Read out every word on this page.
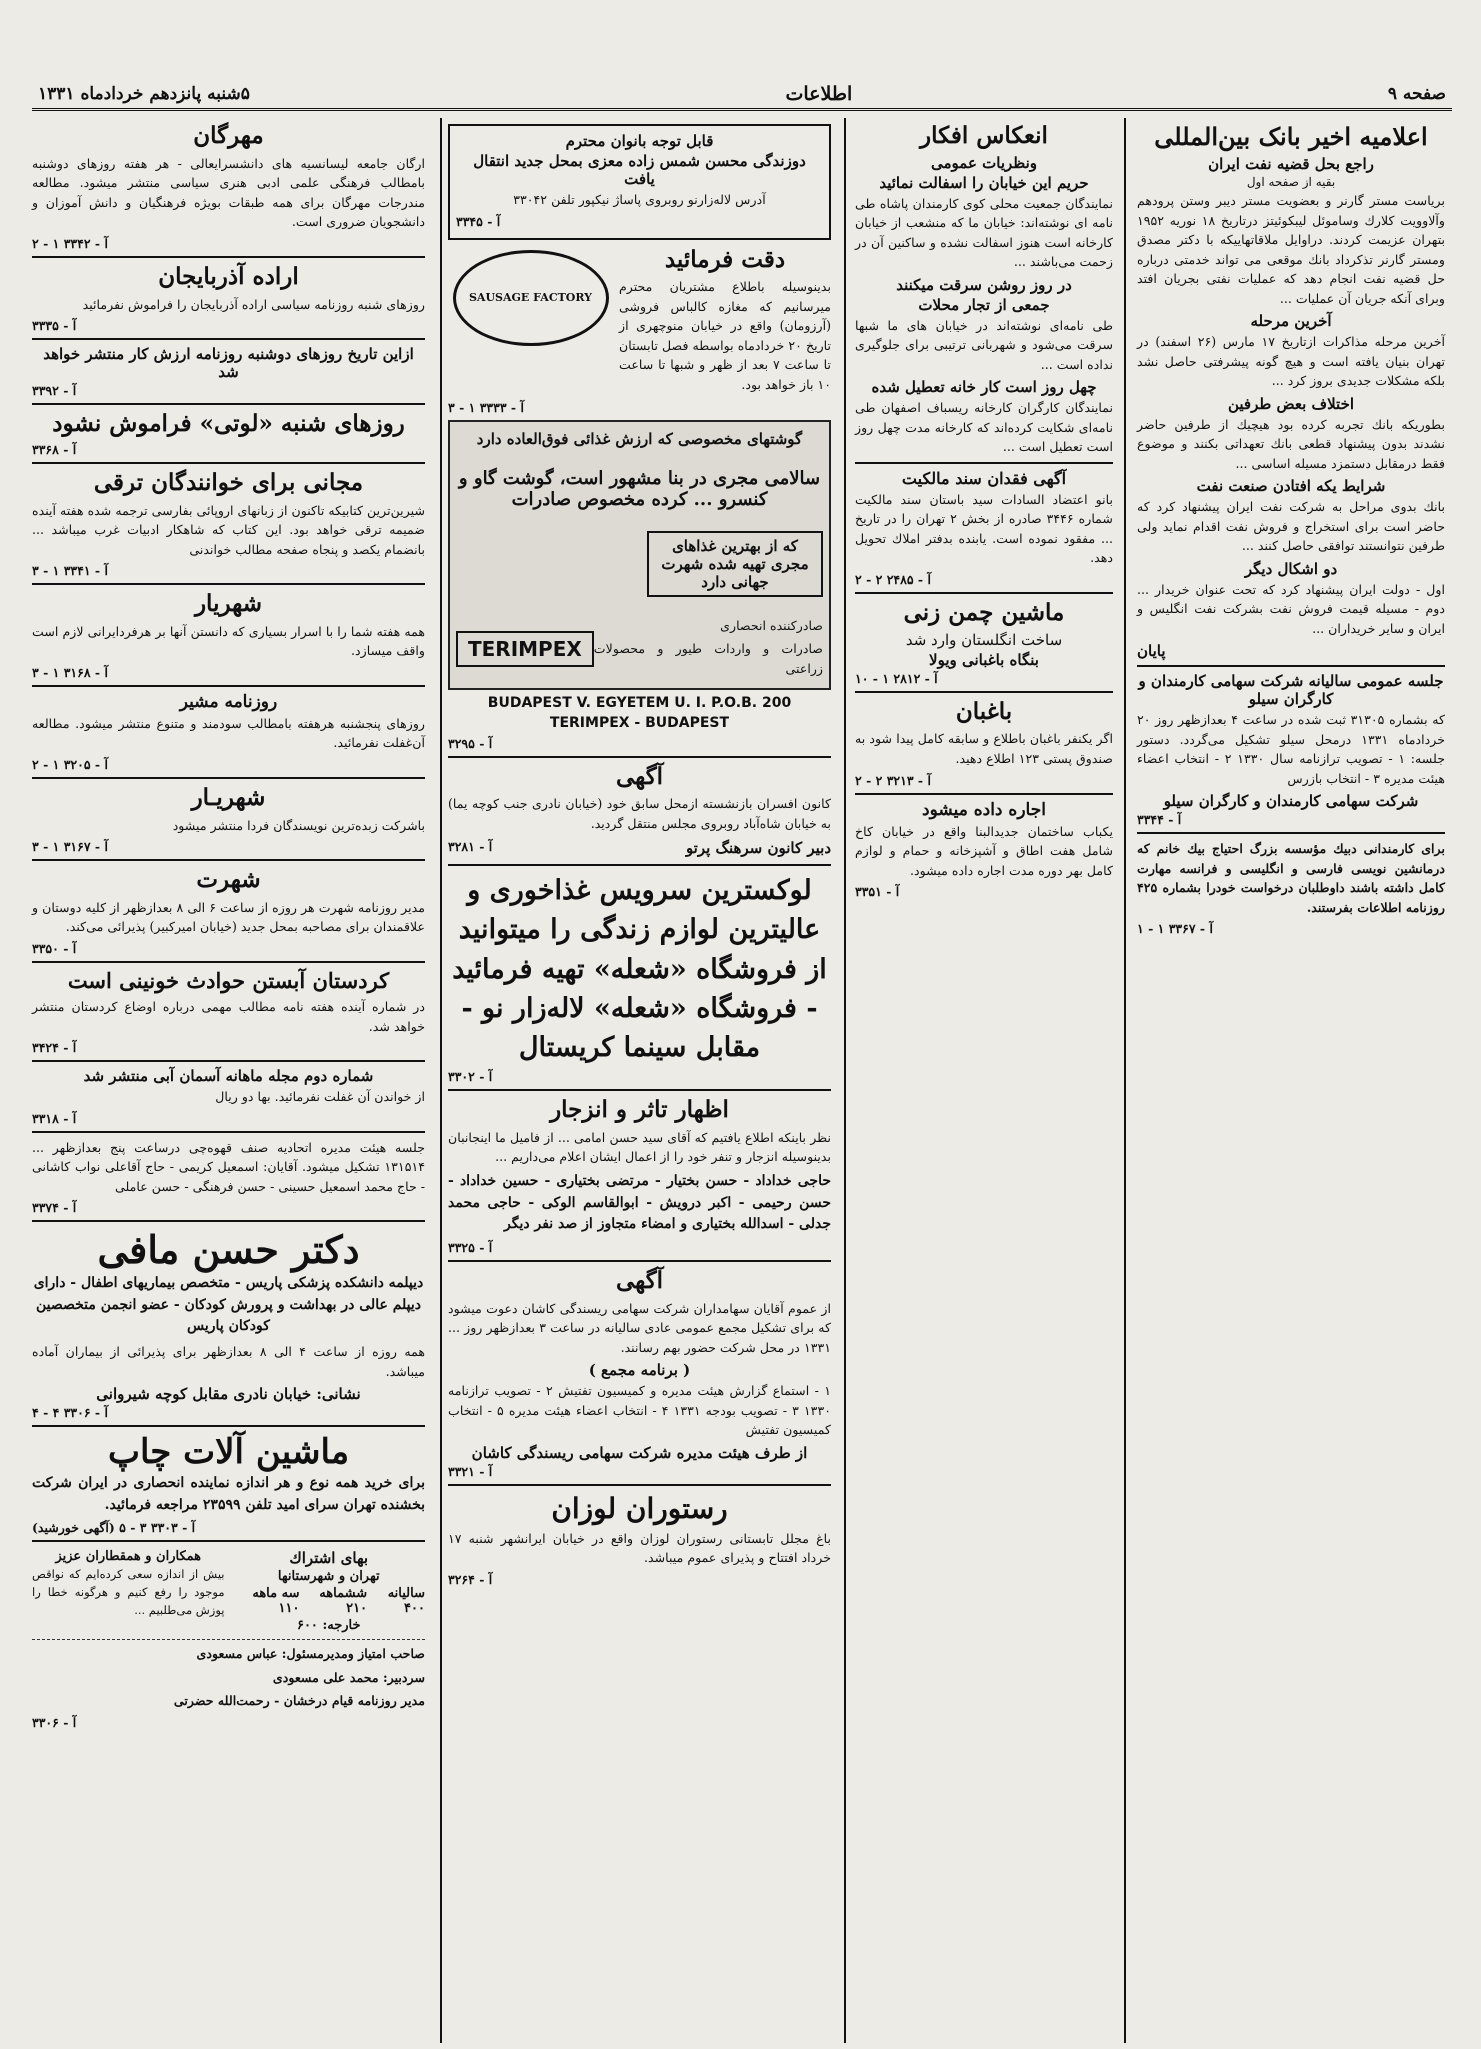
صفحه ۹
اطلاعات
۵شنبه پانزدهم خردادماه ۱۳۳۱
اعلامیه اخیر بانک بین‌المللی
راجع بحل قضیه نفت ایران
بقیه از صفحه اول

بریاست مستر گارنر و بعضویت مستر دیبر وستن پرودهم وآلاوویت کلارك وساموئل لیبکوئیتز درتاریخ ۱۸ نوریه ۱۹۵۲ بتهران عزیمت کردند. دراوایل ملاقاتهاییکه با دکتر مصدق ومستر گارنر تذکرداد بانك موقعی می تواند خدمتی درباره حل قضیه نفت انجام دهد که عملیات نفتی بجریان افتد وبرای آنکه جریان آن عملیات ...

آخرین مرحله

آخرین مرحله مذاکرات ازتاریخ ۱۷ مارس (۲۶ اسفند) در تهران بنیان یافته است و هیچ گونه پیشرفتی حاصل نشد بلکه مشکلات جدیدی بروز کرد ...

اختلاف بعض طرفین

بطوریکه بانك تجربه کرده بود هیچیك از طرفین حاضر نشدند بدون پیشنهاد قطعی بانك تعهداتی بکنند و موضوع فقط درمقابل دستمزد مسیله اساسی ...

شرایط یکه افتادن صنعت نفت

بانك بدوی مراحل به شرکت نفت ایران پیشنهاد کرد که حاضر است برای استخراج و فروش نفت اقدام نماید ولی طرفین نتوانستند توافقی حاصل کنند ...

دو اشکال دیگر

اول - دولت ایران پیشنهاد کرد که تحت عنوان خریدار ... دوم - مسیله قیمت فروش نفت بشرکت نفت انگلیس و ایران و سایر خریداران ...

پایان
جلسه عمومی سالیانه شرکت سهامی کارمندان و کارگران سیلو

که بشماره ۳۱۳۰۵ ثبت شده در ساعت ۴ بعدازظهر روز ۲۰ خردادماه ۱۳۳۱ درمحل سیلو تشکیل می‌گردد. دستور جلسه: ۱ - تصویب ترازنامه سال ۱۳۳۰ ۲ - انتخاب اعضاء هیئت مدیره ۳ - انتخاب بازرس

شرکت سهامی کارمندان و کارگران سیلو
آ - ۳۳۴۴

برای کارمندانی دبیك مؤسسه بزرگ احتیاج بیك خانم که درمانشین نویسی فارسی و انگلیسی و فرانسه مهارت کامل داشته باشند داوطلبان درخواست خودرا بشماره ۴۲۵ روزنامه اطلاعات بفرستند.

آ - ۳۳۶۷ ۱ - ۱
انعکاس افکار
ونظریات عمومی
حریم این خیابان را اسفالت نمائید

نمایندگان جمعیت محلی کوی کارمندان پاشاه طی نامه ای نوشته‌اند: خیابان ما که منشعب از خیابان کارخانه است هنوز اسفالت نشده و ساکنین آن در زحمت می‌باشند ...

در روز روشن سرقت میکنند
جمعی از تجار محلات

طی نامه‌ای نوشته‌اند در خیابان های ما شبها سرقت می‌شود و شهربانی ترتیبی برای جلوگیری نداده است ...

چهل روز است کار خانه تعطیل شده

نمایندگان کارگران کارخانه ریسباف اصفهان طی نامه‌ای شکایت کرده‌اند که کارخانه مدت چهل روز است تعطیل است ...

آگهی فقدان سند مالکیت

بانو اعتضاد السادات سید باستان سند مالکیت شماره ۳۴۴۶ صادره از بخش ۲ تهران را در تاریخ ... مفقود نموده است. یابنده بدفتر املاك تحویل دهد.

آ - ۲۴۸۵ ۲ - ۲
ماشین چمن زنی
ساخت انگلستان وارد شد
بنگاه باغبانی ویولا
آ - ۲۸۱۲ ۱ - ۱۰
باغبان

اگر یکنفر باغبان باطلاع و سابقه کامل پیدا شود به صندوق پستی ۱۲۳ اطلاع دهید.

آ - ۳۲۱۳ ۲ - ۲
اجاره داده میشود

یکباب ساختمان جدیدالبنا واقع در خیابان کاخ شامل هفت اطاق و آشپزخانه و حمام و لوازم کامل بهر دوره مدت اجاره داده میشود.

آ - ۳۳۵۱
قابل توجه بانوان محترم
دوزندگی محسن شمس زاده معزی بمحل جدید انتقال یافت
آدرس لاله‌زارنو روبروی پاساژ نیکپور تلفن ۳۳۰۴۲
آ - ۳۳۴۵
دقت فرمائید

بدینوسیله باطلاع مشتریان محترم میرسانیم که مغازه کالباس فروشی (آرزومان) واقع در خیابان منوچهری از تاریخ ۲۰ خردادماه بواسطه فصل تابستان تا ساعت ۷ بعد از ظهر و شبها تا ساعت ۱۰ باز خواهد بود.

SAUSAGE FACTORY
آ - ۳۳۳۳ ۱ - ۳
گوشتهای مخصوصی که ارزش غذائی فوق‌العاده دارد
سالامی مجری در بنا مشهور است، گوشت گاو و کنسرو ... کرده مخصوص صادرات
که از بهترین غذاهای مجری تهیه شده شهرت جهانی دارد
صادرکننده انحصاری
صادرات و واردات طیور و محصولات زراعتی
TERIMPEX
BUDAPEST V. EGYETEM U. I. P.O.B. 200
TERIMPEX - BUDAPEST
آ - ۳۲۹۵
آگهی

کانون افسران بازنشسته ازمحل سابق خود (خیابان نادری جنب کوچه یما) به خیابان شاه‌آباد روبروی مجلس منتقل گردید.

دبیر کانون سرهنگ پرتو
آ - ۳۲۸۱
لوکسترین سرویس غذاخوری و عالیترین لوازم زندگی را میتوانید از فروشگاه «شعله» تهیه فرمائید - فروشگاه «شعله» لاله‌زار نو - مقابل سینما کریستال
آ - ۳۳۰۲
اظهار تاثر و انزجار

نظر باینکه اطلاع یافتیم که آقای سید حسن امامی ... از فامیل ما اینجانبان بدینوسیله انزجار و تنفر خود را از اعمال ایشان اعلام می‌داریم ...

حاجی خداداد - حسن بختیار - مرتضی بختیاری - حسین خداداد - حسن رحیمی - اکبر درویش - ابوالقاسم الوکی - حاجی محمد جدلی - اسدالله بختیاری و امضاء متجاوز از صد نفر دیگر

آ - ۳۳۲۵
آگهی

از عموم آقایان سهامداران شرکت سهامی ریسندگی کاشان دعوت میشود که برای تشکیل مجمع عمومی عادی سالیانه در ساعت ۳ بعدازظهر روز ... ۱۳۳۱ در محل شرکت حضور بهم رسانند.

( برنامه مجمع )

۱ - استماع گزارش هیئت مدیره و کمیسیون تفتیش ۲ - تصویب ترازنامه ۱۳۳۰ ۳ - تصویب بودجه ۱۳۳۱ ۴ - انتخاب اعضاء هیئت مدیره ۵ - انتخاب کمیسیون تفتیش

از طرف هیئت مدیره شرکت سهامی ریسندگی کاشان
آ - ۳۳۲۱
رستوران لوزان

باغ مجلل تابستانی رستوران لوزان واقع در خیابان ایرانشهر شنبه ۱۷ خرداد افتتاح و پذیرای عموم میباشد.

آ - ۳۲۶۴
مهرگان

ارگان جامعه لیسانسیه های دانشسرایعالی - هر هفته روزهای دوشنبه بامطالب فرهنگی علمی ادبی هنری سیاسی منتشر میشود. مطالعه مندرجات مهرگان برای همه طبقات بویژه فرهنگیان و دانش آموزان و دانشجویان ضروری است.

آ - ۳۳۴۲ ۱ - ۲
اراده آذربایجان

روزهای شنبه روزنامه سیاسی اراده آذربایجان را فراموش نفرمائید

آ - ۳۳۳۵
ازاین تاریخ روزهای دوشنبه روزنامه ارزش کار منتشر خواهد شد
آ - ۳۳۹۲
روزهای شنبه «لوتی» فراموش نشود
آ - ۳۳۶۸
مجانی برای خوانندگان ترقی

شیرین‌ترین کتابیکه تاکنون از زبانهای اروپائی بفارسی ترجمه شده هفته آینده ضمیمه ترقی خواهد بود. این کتاب که شاهکار ادبیات غرب میباشد ... بانضمام یکصد و پنجاه صفحه مطالب خواندنی

آ - ۳۳۴۱ ۱ - ۳
شهریار

همه هفته شما را با اسرار بسیاری که دانستن آنها بر هرفردایرانی لازم است واقف میسازد.

آ - ۳۱۶۸ ۱ - ۳
روزنامه مشیر

روزهای پنجشنبه هرهفته بامطالب سودمند و متنوع منتشر میشود. مطالعه آن‌غفلت نفرمائید.

آ - ۳۲۰۵ ۱ - ۲
شهریـار

باشرکت زبده‌ترین نویسندگان فردا منتشر میشود

آ - ۳۱۶۷ ۱ - ۳
شهرت

مدیر روزنامه شهرت هر روزه از ساعت ۶ الی ۸ بعدازظهر از کلیه دوستان و علاقمندان برای مصاحبه بمحل جدید (خیابان امیرکبیر) پذیرائی می‌کند.

آ - ۳۳۵۰
کردستان آبستن حوادث خونینی است

در شماره آینده هفته نامه مطالب مهمی درباره اوضاع کردستان منتشر خواهد شد.

آ - ۳۴۲۴
شماره دوم مجله ماهانه آسمان آبی منتشر شد

از خواندن آن غفلت نفرمائید. بها دو ریال

آ - ۳۳۱۸

جلسه هیئت مدیره اتحادیه صنف قهوه‌چی درساعت پنج بعدازظهر ... ۱۳۱۵۱۴ تشکیل میشود. آقایان: اسمعیل کریمی - حاج آقاعلی نواب کاشانی - حاج محمد اسمعیل حسینی - حسن فرهنگی - حسن عاملی

آ - ۳۳۷۴
دکتر حسن مافی

دیپلمه دانشکده پزشکی پاریس - متخصص بیماریهای اطفال - دارای دیپلم عالی در بهداشت و پرورش کودکان - عضو انجمن متخصصین کودکان پاریس

همه روزه از ساعت ۴ الی ۸ بعدازظهر برای پذیرائی از بیماران آماده میباشد.

نشانی: خیابان نادری مقابل کوچه شیروانی
آ - ۳۳۰۶ ۴ - ۴
ماشین آلات چاپ

برای خرید همه نوع و هر اندازه نماینده انحصاری در ایران شرکت بخشنده تهران سرای امید تلفن ۲۳۵۹۹ مراجعه فرمائید.

آ - ۳۳۰۳ ۳ - ۵ (آگهی خورشید)
بهای اشتراك
تهران و شهرستانها
سالیانه ۴۰۰
ششماهه ۲۱۰
سه ماهه ۱۱۰
خارجه: ۶۰۰
همکاران و همقطاران عزیز

بیش از اندازه سعی کرده‌ایم که نواقص موجود را رفع کنیم و هرگونه خطا را پوزش می‌طلبیم ...

صاحب امتیاز ومدیرمسئول: عباس مسعودی
سردبیر: محمد علی مسعودی
مدیر روزنامه قیام درخشان - رحمت‌الله حضرتی
آ - ۳۳۰۶
